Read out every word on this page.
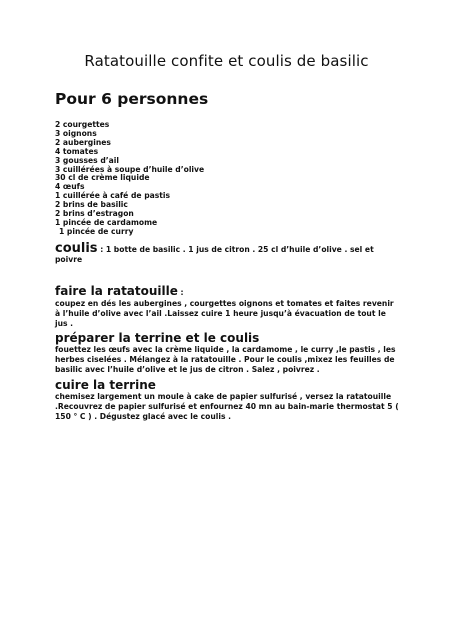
Ratatouille confite et coulis de basilic
Pour 6 personnes
2 courgettes
3 oignons
2 aubergines
4 tomates
3 gousses d’ail
3 cuillérées à soupe d’huile d’olive
30 cl de crème liquide
4 œufs
1 cuillérée à café de pastis
2 brins de basilic
2 brins d’estragon
1 pincée de cardamome
1 pincée de curry
coulis : 1 botte de basilic . 1 jus de citron . 25 cl d’huile d’olive . sel et poivre
faire la ratatouille :

coupez en dés les aubergines , courgettes oignons et tomates et faites revenir à l’huile d’olive avec l’ail .Laissez cuire 1 heure jusqu’à évacuation de tout le jus .

préparer la terrine et le coulis

fouettez les œufs avec la crème liquide , la cardamome , le curry ,le pastis , les herbes ciselées . Mélangez à la ratatouille . Pour le coulis ,mixez les feuilles de basilic avec l’huile d’olive et le jus de citron . Salez , poivrez .

cuire la terrine

chemisez largement un moule à cake de papier sulfurisé , versez la ratatouille .Recouvrez de papier sulfurisé et enfournez 40 mn au bain-marie thermostat 5 ( 150 ° C ) . Dégustez glacé avec le coulis .
